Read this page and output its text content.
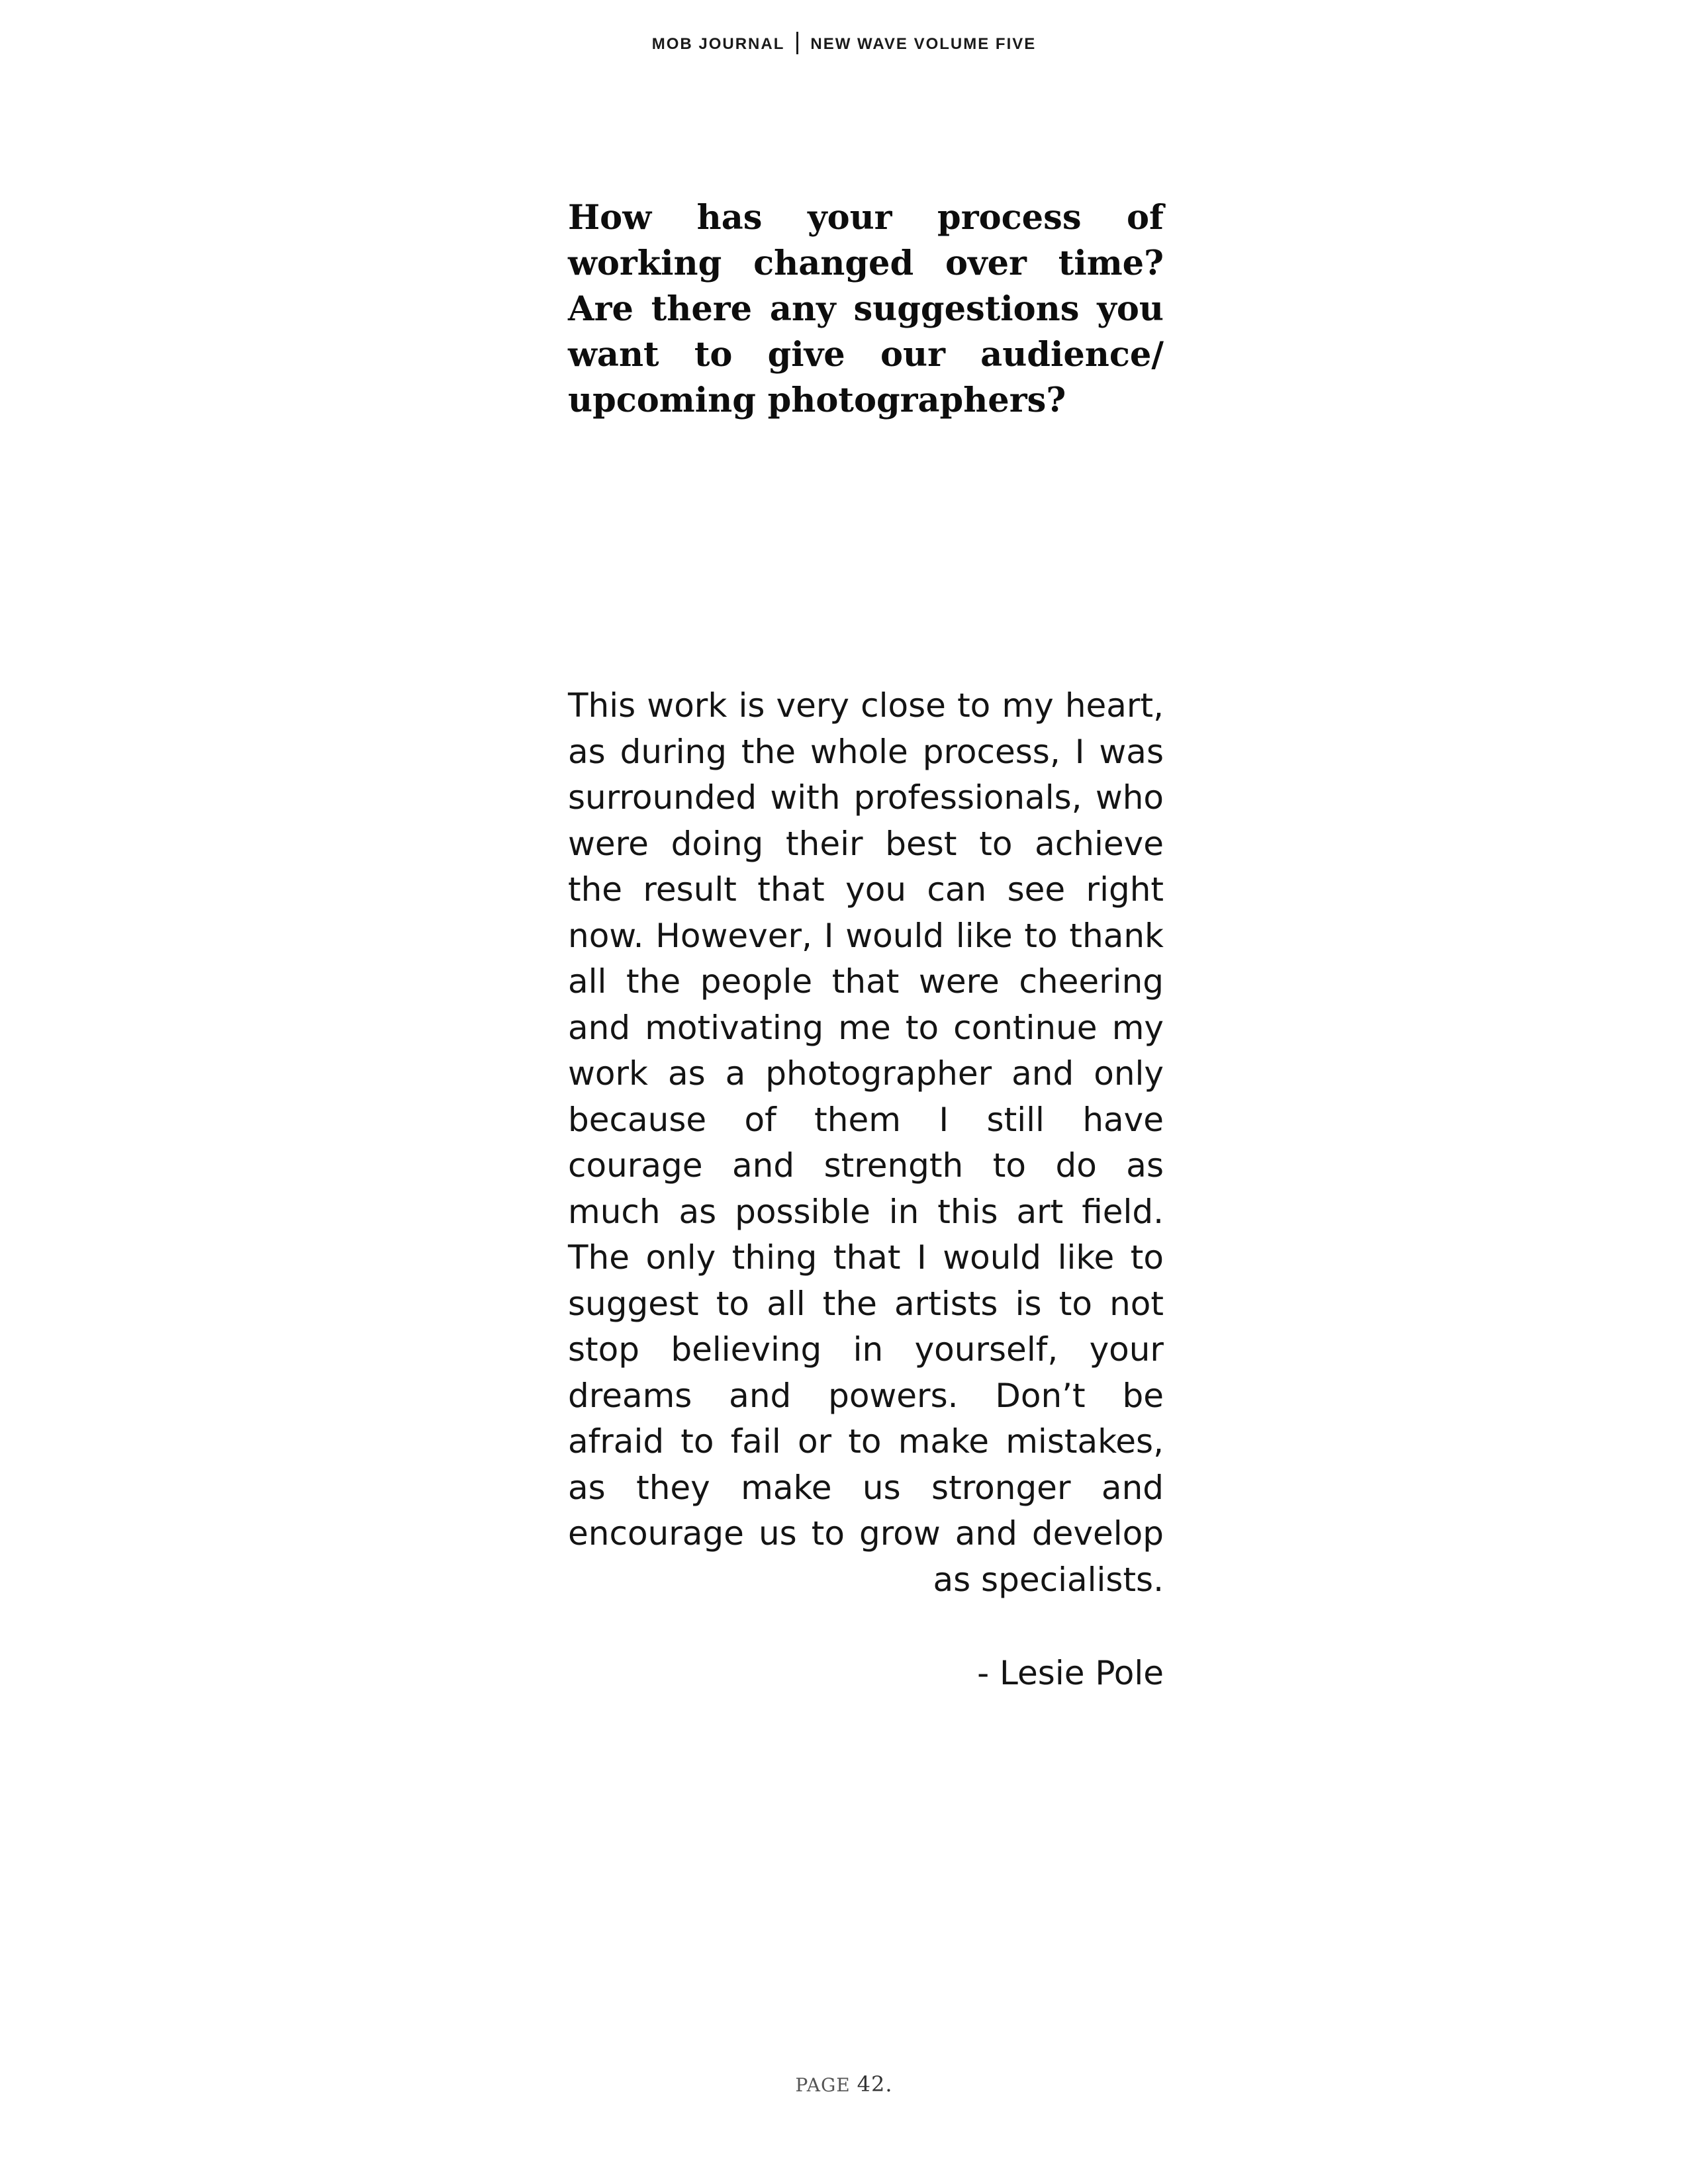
MOB JOURNAL NEW WAVE VOLUME FIVE

How has your process of working changed over time? Are there any suggestions you want to give our audience/ upcoming photographers?

This work is very close to my heart, as during the whole process, I was surrounded with professionals, who were doing their best to achieve the result that you can see right now. However, I would like to thank all the people that were cheering and motivating me to continue my work as a photographer and only because of them I still have courage and strength to do as much as possible in this art field. The only thing that I would like to suggest to all the artists is to not stop believing in yourself, your dreams and powers. Don’t be afraid to fail or to make mistakes, as they make us stronger and encourage us to grow and develop as specialists.

- Lesie Pole

PAGE 42.
